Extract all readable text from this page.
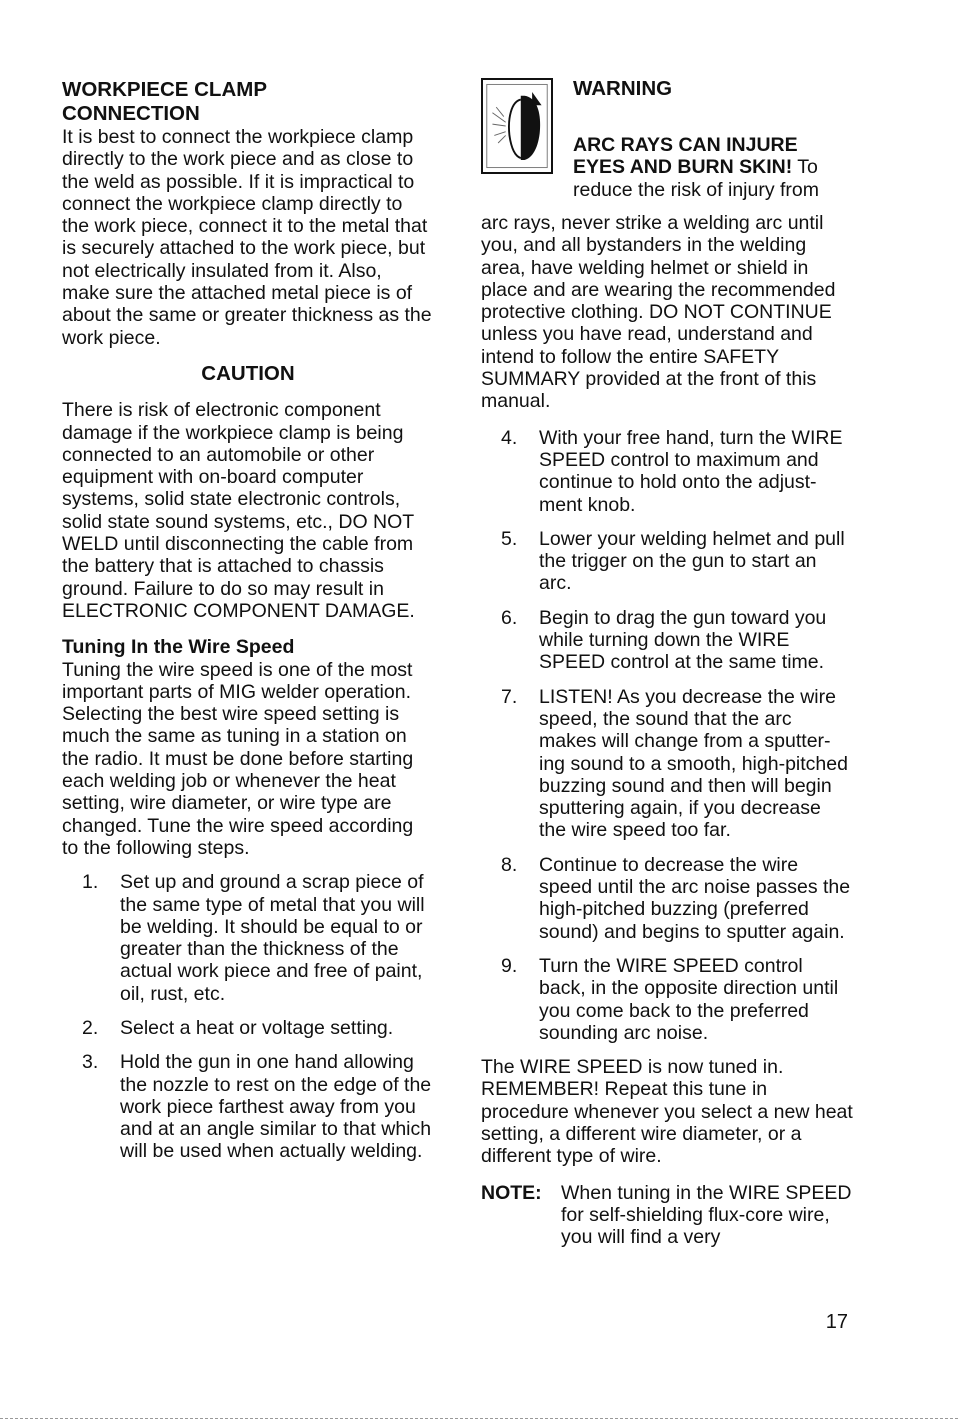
WORKPIECE CLAMP

CONNECTION

It is best to connect the workpiece clamp directly to the work piece and as close to the weld as possible. If it is impractical to connect the workpiece clamp directly to the work piece, connect it to the metal that is securely attached to the work piece, but not electrically insulated from it. Also, make sure the attached metal piece is of about the same or greater thickness as the work piece.

CAUTION

There is risk of electronic component damage if the workpiece clamp is being connected to an automobile or other equipment with on-board computer systems, solid state electronic controls, solid state sound systems, etc., DO NOT WELD until disconnecting the cable from the battery that is attached to chassis ground. Failure to do so may result in ELECTRONIC COMPONENT DAMAGE.

Tuning In the Wire Speed

Tuning the wire speed is one of the most important parts of MIG welder operation. Selecting the best wire speed setting is much the same as tuning in a station on the radio. It must be done before starting each welding job or whenever the heat setting, wire diameter, or wire type are changed. Tune the wire speed according to the following steps.

1.	Set up and ground a scrap piece of the same type of metal that you will be welding. It should be equal to or greater than the thickness of the actual work piece and free of paint, oil, rust, etc.
2.	Select a heat or voltage setting.
3.	Hold the gun in one hand allowing the nozzle to rest on the edge of the work piece farthest away from you and at an angle similar to that which will be used when actually welding.
WARNING
ARC RAYS CAN INJURE EYES AND BURN SKIN! To reduce the risk of injury from

arc rays, never strike a welding arc until you, and all bystanders in the welding area, have welding helmet or shield in place and are wearing the recommended protective clothing. DO NOT CONTINUE unless you have read, understand and intend to follow the entire SAFETY SUMMARY provided at the front of this manual.

4.	With your free hand, turn the WIRE SPEED control to maximum and continue to hold onto the adjust-ment knob.
5.	Lower your welding helmet and pull the trigger on the gun to start an arc.
6.	Begin to drag the gun toward you while turning down the WIRE SPEED control at the same time.
7.	LISTEN! As you decrease the wire speed, the sound that the arc makes will change from a sputter-ing sound to a smooth, high-pitched buzzing sound and then will begin sputtering again, if you decrease the wire speed too far.
8.	Continue to decrease the wire speed until the arc noise passes the high-pitched buzzing (preferred sound) and begins to sputter again.
9.	Turn the WIRE SPEED control back, in the opposite direction until you come back to the preferred sounding arc noise.

The WIRE SPEED is now tuned in. REMEMBER! Repeat this tune in procedure whenever you select a new heat setting, a different wire diameter, or a different type of wire.

NOTE: When tuning in the WIRE SPEED for self-shielding flux-core wire, you will find a very
17
